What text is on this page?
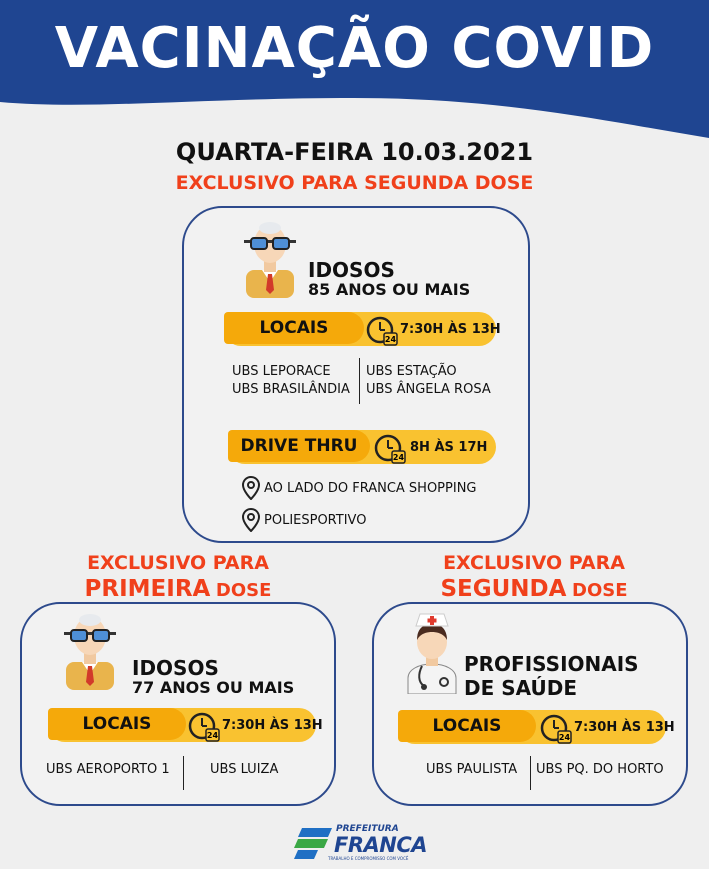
VACINAÇÃO COVID
QUARTA-FEIRA 10.03.2021
EXCLUSIVO PARA SEGUNDA DOSE
IDOSOS
85 ANOS OU MAIS
LOCAIS
24
7:30H ÀS 13H
UBS LEPORACE
UBS BRASILÂNDIA
UBS ESTAÇÃO
UBS ÂNGELA ROSA
DRIVE THRU
24
8H ÀS 17H
AO LADO DO FRANCA SHOPPING
POLIESPORTIVO
EXCLUSIVO PARA
PRIMEIRA DOSE
EXCLUSIVO PARA
SEGUNDA DOSE
IDOSOS
77 ANOS OU MAIS
LOCAIS
24
7:30H ÀS 13H
UBS AEROPORTO 1	UBS LUIZA
PROFISSIONAIS
DE SAÚDE
LOCAIS
24
7:30H ÀS 13H
UBS PAULISTA UBS PQ. DO HORTO
PREFEITURA
FRANCA
TRABALHO E COMPROMISSO COM VOCÊ
